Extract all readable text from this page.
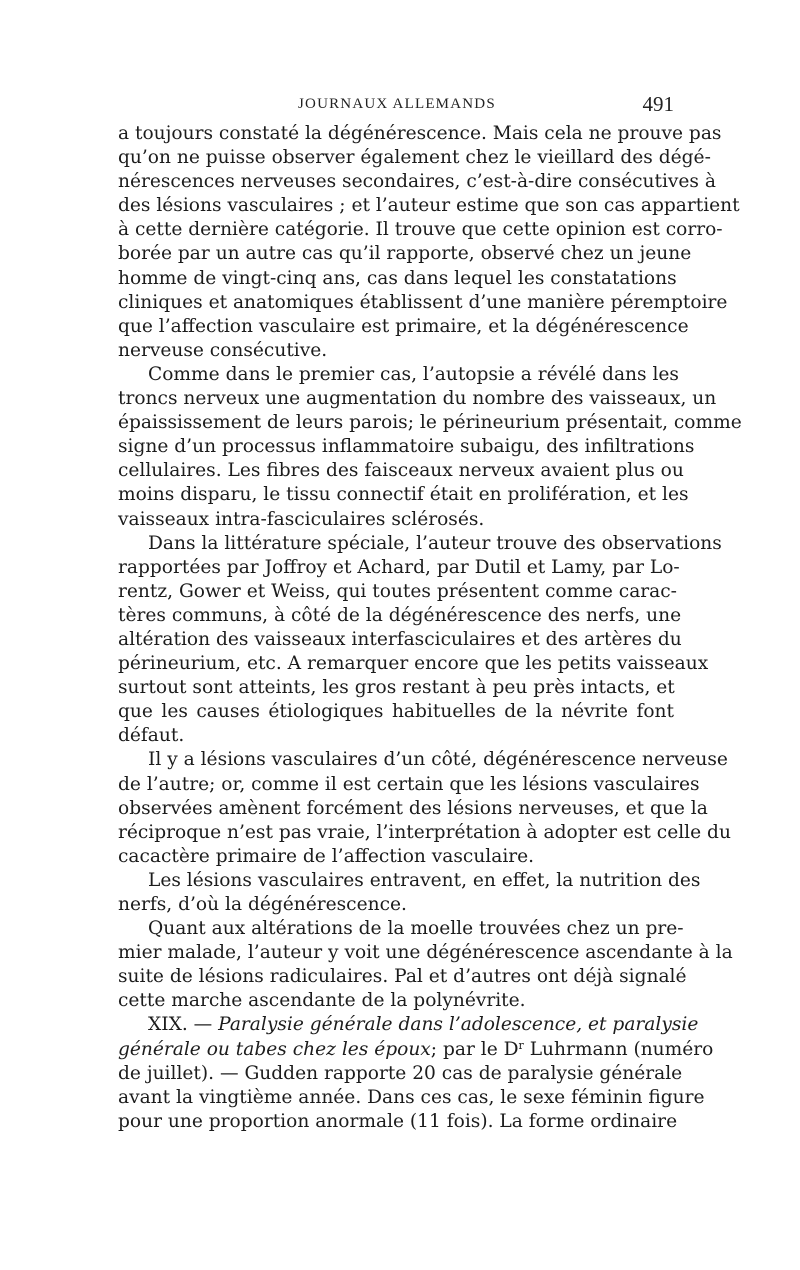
JOURNAUX ALLEMANDS	491
a toujours constaté la dégénérescence. Mais cela ne prouve pas
qu’on ne puisse observer également chez le vieillard des dégé-
nérescences nerveuses secondaires, c’est-à-dire consécutives à
des lésions vasculaires ; et l’auteur estime que son cas appartient
à cette dernière catégorie. Il trouve que cette opinion est corro-
borée par un autre cas qu’il rapporte, observé chez un jeune
homme de vingt-cinq ans, cas dans lequel les constatations
cliniques et anatomiques établissent d’une manière péremptoire
que l’affection vasculaire est primaire, et la dégénérescence
nerveuse consécutive.
Comme dans le premier cas, l’autopsie a révélé dans les
troncs nerveux une augmentation du nombre des vaisseaux, un
épaississement de leurs parois; le périneurium présentait, comme
signe d’un processus inflammatoire subaigu, des infiltrations
cellulaires. Les fibres des faisceaux nerveux avaient plus ou
moins disparu, le tissu connectif était en prolifération, et les
vaisseaux intra-fasciculaires sclérosés.
Dans la littérature spéciale, l’auteur trouve des observations
rapportées par Joffroy et Achard, par Dutil et Lamy, par Lo-
rentz, Gower et Weiss, qui toutes présentent comme carac-
tères communs, à côté de la dégénérescence des nerfs, une
altération des vaisseaux interfasciculaires et des artères du
périneurium, etc. A remarquer encore que les petits vaisseaux
surtout sont atteints, les gros restant à peu près intacts, et
que les causes étiologiques habituelles de la névrite font
défaut.
Il y a lésions vasculaires d’un côté, dégénérescence nerveuse
de l’autre; or, comme il est certain que les lésions vasculaires
observées amènent forcément des lésions nerveuses, et que la
réciproque n’est pas vraie, l’interprétation à adopter est celle du
cacactère primaire de l’affection vasculaire.
Les lésions vasculaires entravent, en effet, la nutrition des
nerfs, d’où la dégénérescence.
Quant aux altérations de la moelle trouvées chez un pre-
mier malade, l’auteur y voit une dégénérescence ascendante à la
suite de lésions radiculaires. Pal et d’autres ont déjà signalé
cette marche ascendante de la polynévrite.
XIX. — Paralysie générale dans l’adolescence, et paralysie
générale ou tabes chez les époux; par le $D^r$ Luhrmann (numéro
de juillet). — Gudden rapporte 20 cas de paralysie générale
avant la vingtième année. Dans ces cas, le sexe féminin figure
pour une proportion anormale (11 fois). La forme ordinaire
